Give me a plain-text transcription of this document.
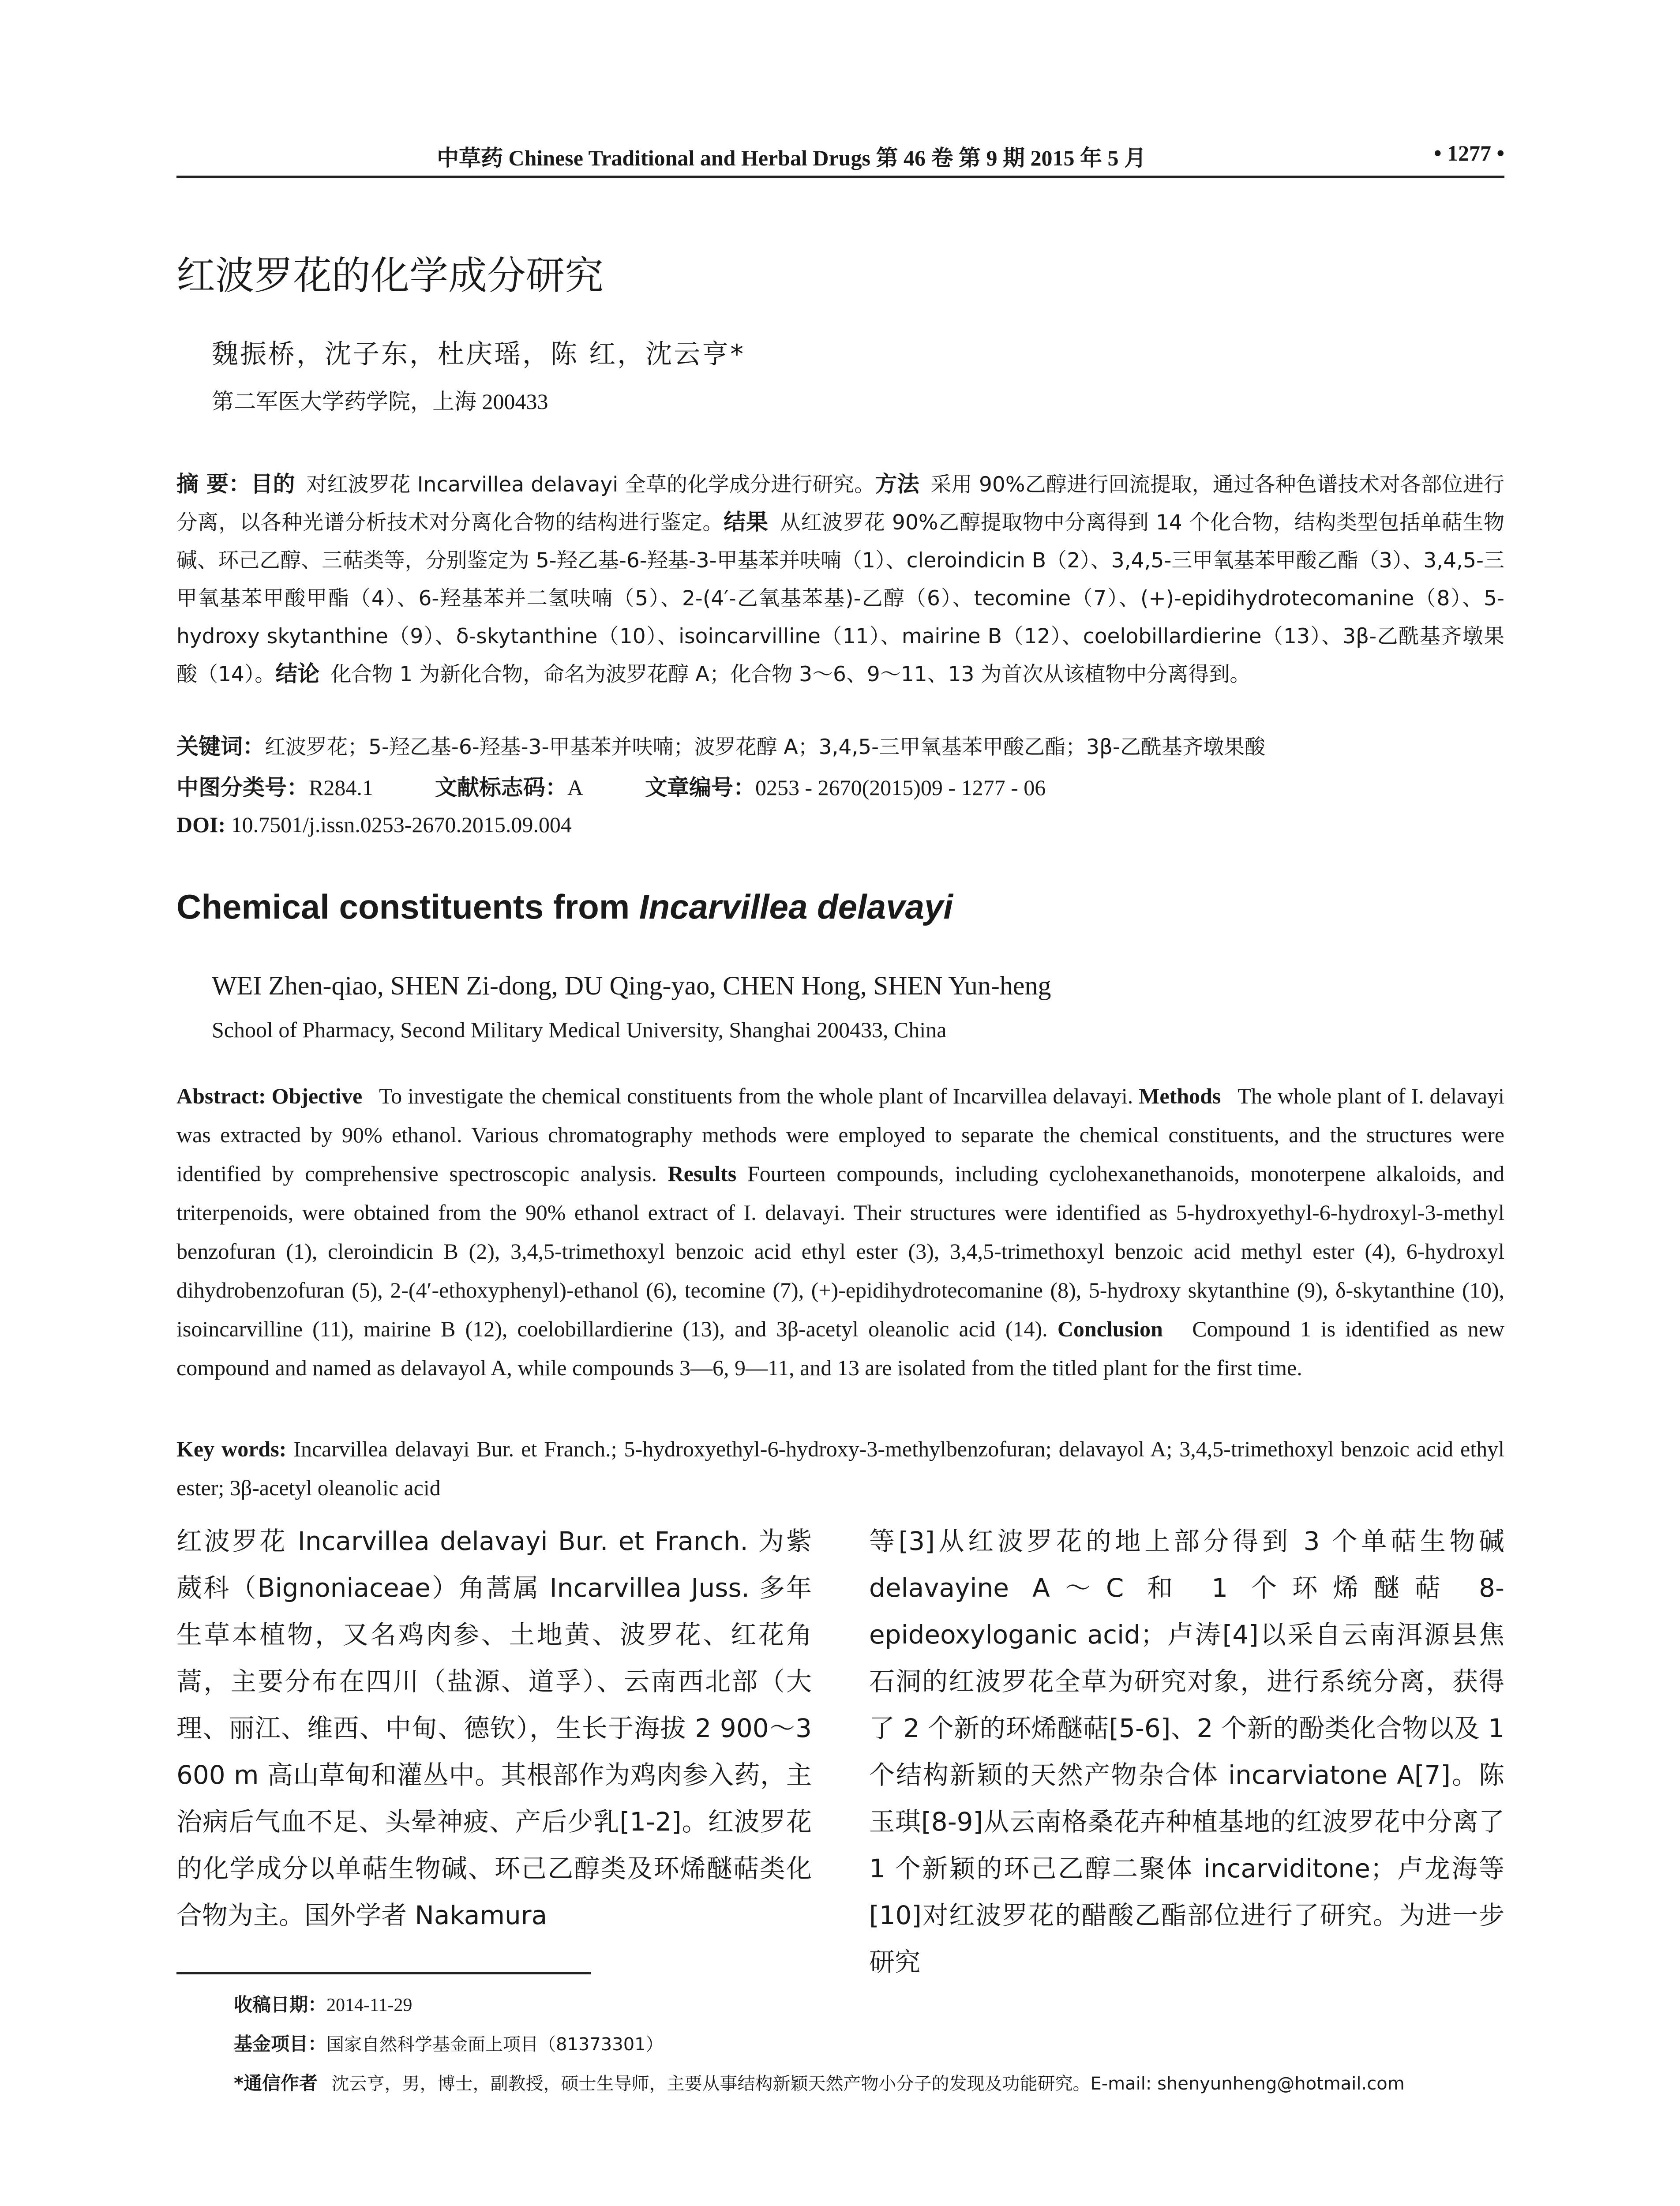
中草药 Chinese Traditional and Herbal Drugs 第 46 卷 第 9 期 2015 年 5 月	• 1277 •
红波罗花的化学成分研究
魏振桥，沈子东，杜庆瑶，陈 红，沈云亨*
第二军医大学药学院，上海 200433
摘 要：目的 对红波罗花 Incarvillea delavayi 全草的化学成分进行研究。方法 采用 90%乙醇进行回流提取，通过各种色谱技术对各部位进行分离，以各种光谱分析技术对分离化合物的结构进行鉴定。结果 从红波罗花 90%乙醇提取物中分离得到 14 个化合物，结构类型包括单萜生物碱、环己乙醇、三萜类等，分别鉴定为 5-羟乙基-6-羟基-3-甲基苯并呋喃（1）、cleroindicin B（2）、3,4,5-三甲氧基苯甲酸乙酯（3）、3,4,5-三甲氧基苯甲酸甲酯（4）、6-羟基苯并二氢呋喃（5）、2-(4′-乙氧基苯基)-乙醇（6）、tecomine（7）、(+)-epidihydrotecomanine（8）、5-hydroxy skytanthine（9）、δ-skytanthine（10）、isoincarvilline（11）、mairine B（12）、coelobillardierine（13）、3β-乙酰基齐墩果酸（14）。结论 化合物 1 为新化合物，命名为波罗花醇 A；化合物 3～6、9～11、13 为首次从该植物中分离得到。
关键词：红波罗花；5-羟乙基-6-羟基-3-甲基苯并呋喃；波罗花醇 A；3,4,5-三甲氧基苯甲酸乙酯；3β-乙酰基齐墩果酸
中图分类号：R284.1	文献标志码：A	文章编号：0253 - 2670(2015)09 - 1277 - 06
DOI: 10.7501/j.issn.0253-2670.2015.09.004
Chemical constituents from Incarvillea delavayi
WEI Zhen-qiao, SHEN Zi-dong, DU Qing-yao, CHEN Hong, SHEN Yun-heng
School of Pharmacy, Second Military Medical University, Shanghai 200433, China
Abstract: Objective To investigate the chemical constituents from the whole plant of Incarvillea delavayi. Methods The whole plant of I. delavayi was extracted by 90% ethanol. Various chromatography methods were employed to separate the chemical constituents, and the structures were identified by comprehensive spectroscopic analysis. Results Fourteen compounds, including cyclohexanethanoids, monoterpene alkaloids, and triterpenoids, were obtained from the 90% ethanol extract of I. delavayi. Their structures were identified as 5-hydroxyethyl-6-hydroxyl-3-methyl benzofuran (1), cleroindicin B (2), 3,4,5-trimethoxyl benzoic acid ethyl ester (3), 3,4,5-trimethoxyl benzoic acid methyl ester (4), 6-hydroxyl dihydrobenzofuran (5), 2-(4′-ethoxyphenyl)-ethanol (6), tecomine (7), (+)-epidihydrotecomanine (8), 5-hydroxy skytanthine (9), δ-skytanthine (10), isoincarvilline (11), mairine B (12), coelobillardierine (13), and 3β-acetyl oleanolic acid (14). Conclusion Compound 1 is identified as new compound and named as delavayol A, while compounds 3—6, 9—11, and 13 are isolated from the titled plant for the first time.
Key words: Incarvillea delavayi Bur. et Franch.; 5-hydroxyethyl-6-hydroxy-3-methylbenzofuran; delavayol A; 3,4,5-trimethoxyl benzoic acid ethyl ester; 3β-acetyl oleanolic acid
红波罗花 Incarvillea delavayi Bur. et Franch. 为紫葳科（Bignoniaceae）角蒿属 Incarvillea Juss. 多年生草本植物，又名鸡肉参、土地黄、波罗花、红花角蒿，主要分布在四川（盐源、道孚）、云南西北部（大理、丽江、维西、中甸、德钦），生长于海拔 2 900～3 600 m 高山草甸和灌丛中。其根部作为鸡肉参入药，主治病后气血不足、头晕神疲、产后少乳[1-2]。红波罗花的化学成分以单萜生物碱、环己乙醇类及环烯醚萜类化合物为主。国外学者 Nakamura
等[3]从红波罗花的地上部分得到 3 个单萜生物碱 delavayine A～C 和 1 个环烯醚萜 8-epideoxyloganic acid；卢涛[4]以采自云南洱源县焦石洞的红波罗花全草为研究对象，进行系统分离，获得了 2 个新的环烯醚萜[5-6]、2 个新的酚类化合物以及 1 个结构新颖的天然产物杂合体 incarviatone A[7]。陈玉琪[8-9]从云南格桑花卉种植基地的红波罗花中分离了 1 个新颖的环己乙醇二聚体 incarviditone；卢龙海等[10]对红波罗花的醋酸乙酯部位进行了研究。为进一步研究
收稿日期：2014-11-29
基金项目：国家自然科学基金面上项目（81373301）
*通信作者 沈云亨，男，博士，副教授，硕士生导师，主要从事结构新颖天然产物小分子的发现及功能研究。E-mail: shenyunheng@hotmail.com
